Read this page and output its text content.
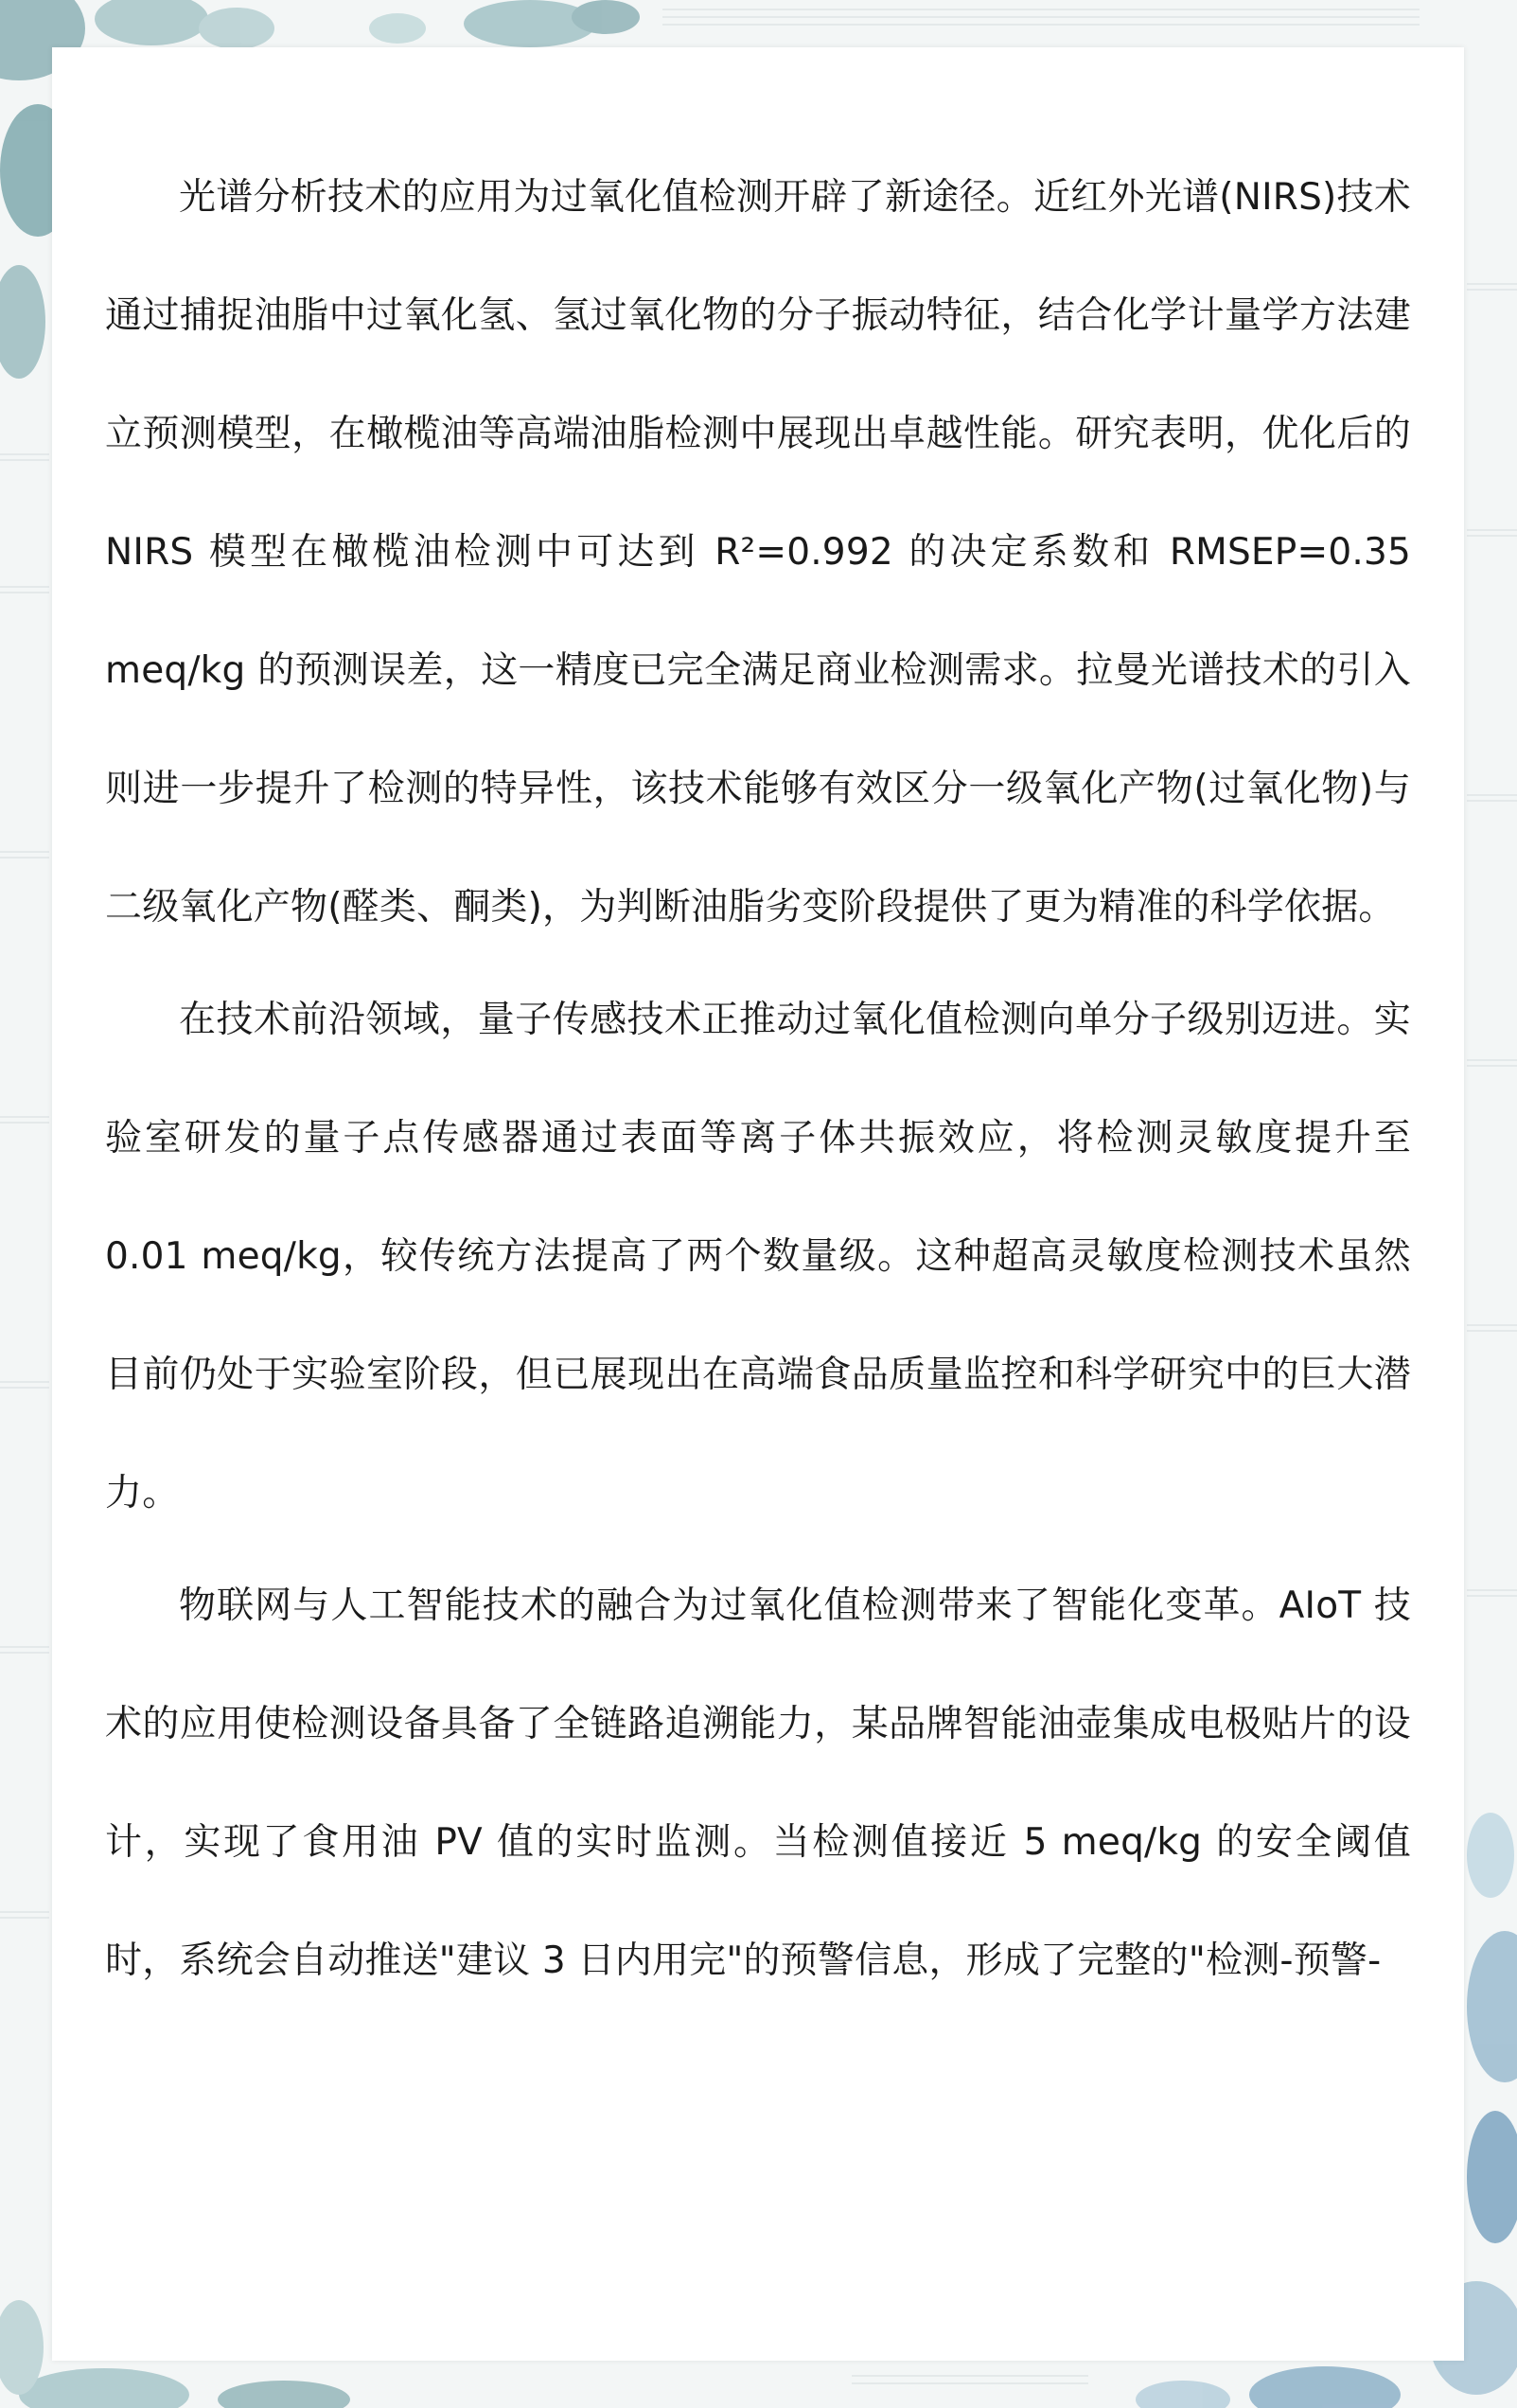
光谱分析技术的应用为过氧化值检测开辟了新途径。近红外光谱(NIRS)技术通过捕捉油脂中过氧化氢、氢过氧化物的分子振动特征，结合化学计量学方法建立预测模型，在橄榄油等高端油脂检测中展现出卓越性能。研究表明，优化后的 NIRS 模型在橄榄油检测中可达到 R²=0.992 的决定系数和 RMSEP=0.35 meq/kg 的预测误差，这一精度已完全满足商业检测需求。拉曼光谱技术的引入则进一步提升了检测的特异性，该技术能够有效区分一级氧化产物(过氧化物)与二级氧化产物(醛类、酮类)，为判断油脂劣变阶段提供了更为精准的科学依据。

在技术前沿领域，量子传感技术正推动过氧化值检测向单分子级别迈进。实验室研发的量子点传感器通过表面等离子体共振效应，将检测灵敏度提升至 0.01 meq/kg，较传统方法提高了两个数量级。这种超高灵敏度检测技术虽然目前仍处于实验室阶段，但已展现出在高端食品质量监控和科学研究中的巨大潜力。

物联网与人工智能技术的融合为过氧化值检测带来了智能化变革。AIoT 技术的应用使检测设备具备了全链路追溯能力，某品牌智能油壶集成电极贴片的设计，实现了食用油 PV 值的实时监测。当检测值接近 5 meq/kg 的安全阈值时，系统会自动推送"建议 3 日内用完"的预警信息，形成了完整的"检测-预警-
